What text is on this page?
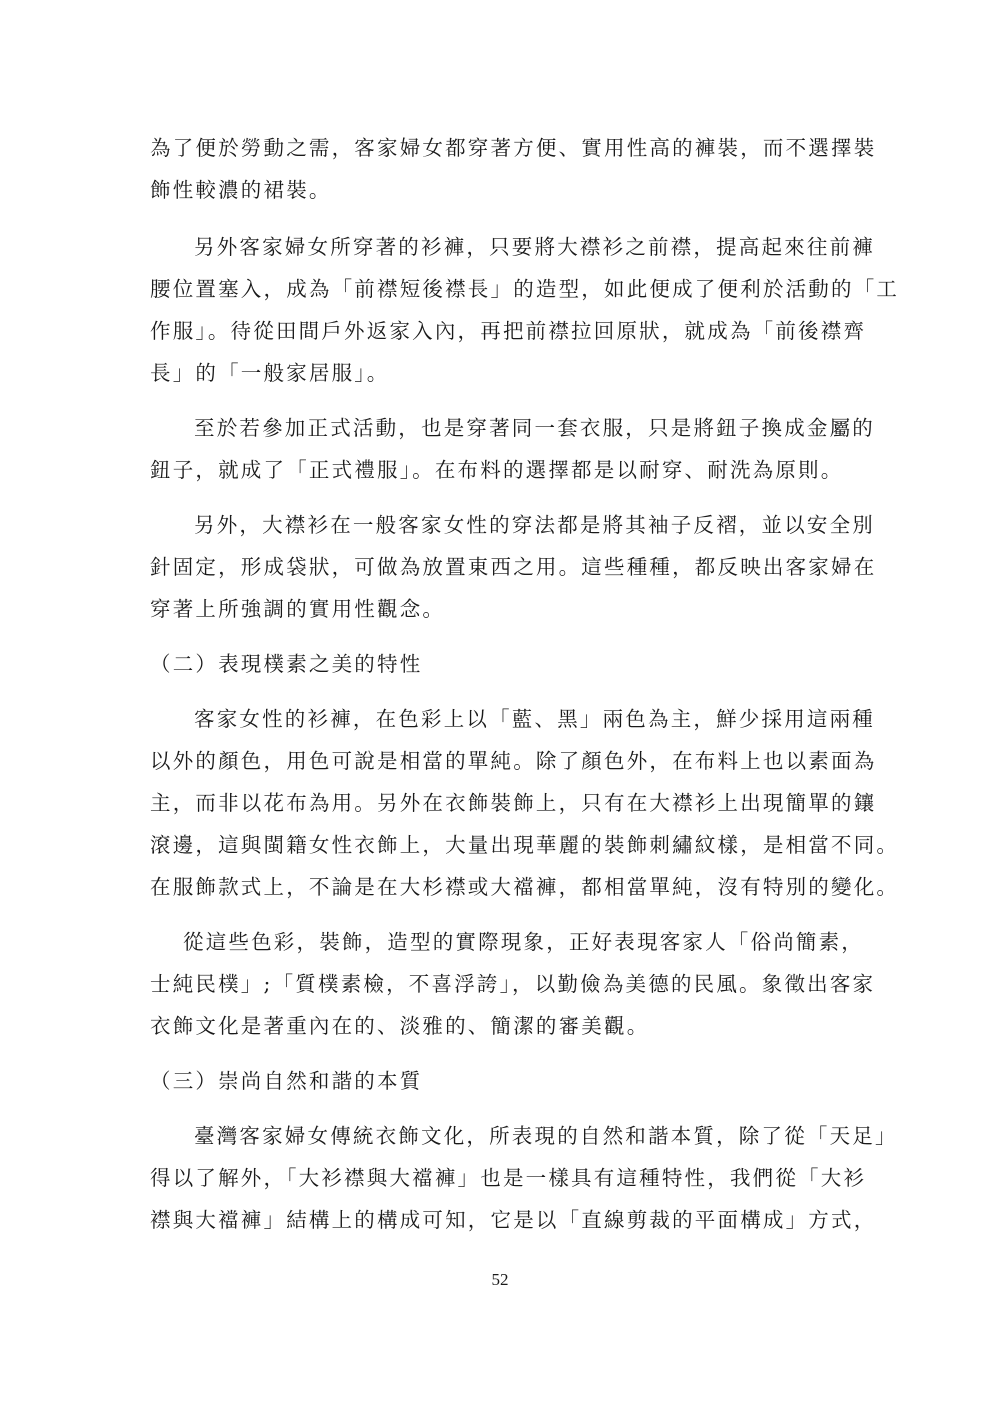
為了便於勞動之需，客家婦女都穿著方便、實用性高的褲裝，而不選擇裝
飾性較濃的裙裝。
另外客家婦女所穿著的衫褲，只要將大襟衫之前襟，提高起來往前褲
腰位置塞入，成為「前襟短後襟長」的造型，如此便成了便利於活動的「工
作服」。待從田間戶外返家入內，再把前襟拉回原狀，就成為「前後襟齊
長」的「一般家居服」。
至於若參加正式活動，也是穿著同一套衣服，只是將鈕子換成金屬的
鈕子，就成了「正式禮服」。在布料的選擇都是以耐穿、耐洗為原則。
另外，大襟衫在一般客家女性的穿法都是將其袖子反褶，並以安全別
針固定，形成袋狀，可做為放置東西之用。這些種種，都反映出客家婦在
穿著上所強調的實用性觀念。
（二）表現樸素之美的特性
客家女性的衫褲，在色彩上以「藍、黑」兩色為主，鮮少採用這兩種
以外的顏色，用色可說是相當的單純。除了顏色外，在布料上也以素面為
主，而非以花布為用。另外在衣飾裝飾上，只有在大襟衫上出現簡單的鑲
滾邊，這與閩籍女性衣飾上，大量出現華麗的裝飾刺繡紋樣，是相當不同。
在服飾款式上，不論是在大杉襟或大襠褲，都相當單純，沒有特別的變化。
從這些色彩，裝飾，造型的實際現象，正好表現客家人「俗尚簡素，
士純民樸」;「質樸素檢，不喜浮誇」，以勤儉為美德的民風。象徵出客家
衣飾文化是著重內在的、淡雅的、簡潔的審美觀。
（三）崇尚自然和諧的本質
臺灣客家婦女傳統衣飾文化，所表現的自然和諧本質，除了從「天足」
得以了解外，「大衫襟與大襠褲」也是一樣具有這種特性，我們從「大衫
襟與大襠褲」結構上的構成可知，它是以「直線剪裁的平面構成」方式，
52
